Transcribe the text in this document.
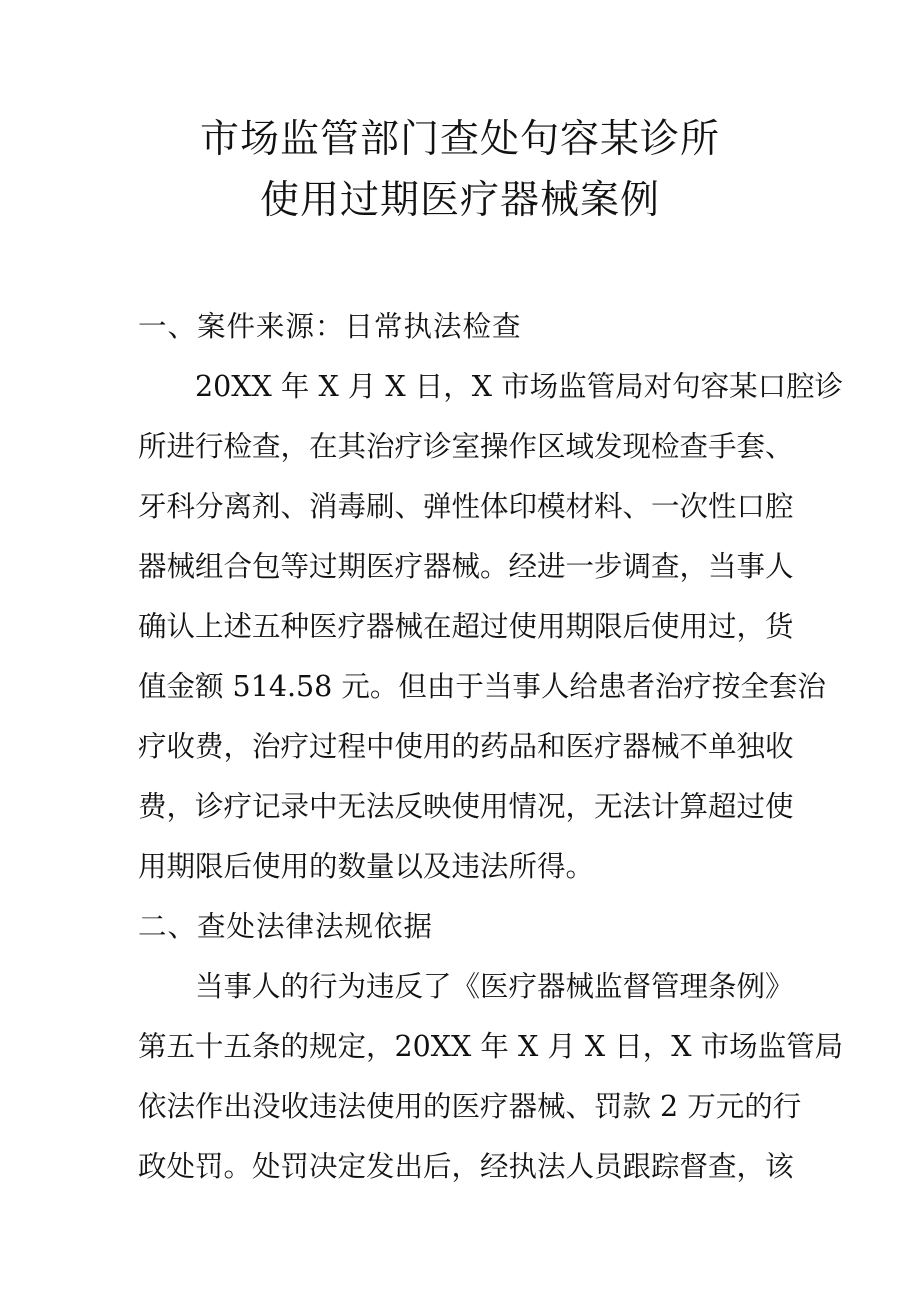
市场监管部门查处句容某诊所
使用过期医疗器械案例
一、案件来源：日常执法检查
20XX 年 X 月 X 日，X 市场监管局对句容某口腔诊
所进行检查，在其治疗诊室操作区域发现检查手套、
牙科分离剂、消毒刷、弹性体印模材料、一次性口腔
器械组合包等过期医疗器械。经进一步调查，当事人
确认上述五种医疗器械在超过使用期限后使用过，货
值金额 514.58 元。但由于当事人给患者治疗按全套治
疗收费，治疗过程中使用的药品和医疗器械不单独收
费，诊疗记录中无法反映使用情况，无法计算超过使
用期限后使用的数量以及违法所得。
二、查处法律法规依据
当事人的行为违反了《医疗器械监督管理条例》
第五十五条的规定，20XX 年 X 月 X 日，X 市场监管局
依法作出没收违法使用的医疗器械、罚款 2 万元的行
政处罚。处罚决定发出后，经执法人员跟踪督查，该
